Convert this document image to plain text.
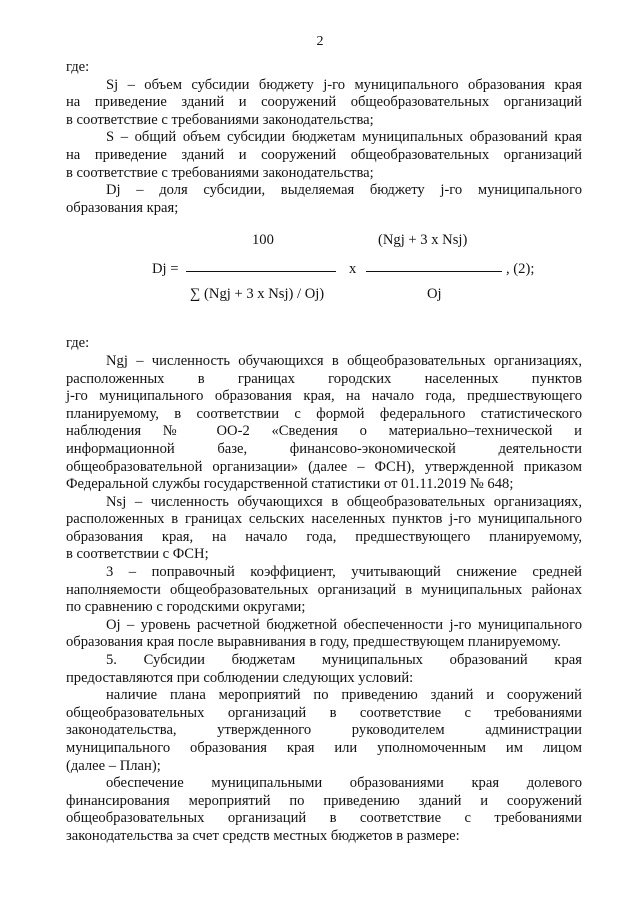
2

где:

Sj – объем субсидии бюджету j-го муниципального образования края

на приведение зданий и сооружений общеобразовательных организаций

в соответствие с требованиями законодательства;

S – общий объем субсидии бюджетам муниципальных образований края

на приведение зданий и сооружений общеобразовательных организаций

в соответствие с требованиями законодательства;

Dj – доля субсидии, выделяемая бюджету j-го муниципального

образования края;

100
Dj =
∑ (Ngj + 3 x Nsj) / Oj)
x
(Ngj + 3 x Nsj)
Oj
, (2);

где:

Ngj – численность обучающихся в общеобразовательных организациях,

расположенных в границах городских населенных пунктов

j-го муниципального образования края, на начало года, предшествующего

планируемому, в соответствии с формой федерального статистического

наблюдения № ОО-2 «Сведения о материально–технической и

информационной базе, финансово-экономической деятельности

общеобразовательной организации» (далее – ФСН), утвержденной приказом

Федеральной службы государственной статистики от 01.11.2019 № 648;

Nsj – численность обучающихся в общеобразовательных организациях,

расположенных в границах сельских населенных пунктов j-го муниципального

образования края, на начало года, предшествующего планируемому,

в соответствии с ФСН;

3 – поправочный коэффициент, учитывающий снижение средней

наполняемости общеобразовательных организаций в муниципальных районах

по сравнению с городскими округами;

Oj – уровень расчетной бюджетной обеспеченности j-го муниципального

образования края после выравнивания в году, предшествующем планируемому.

5. Субсидии бюджетам муниципальных образований края

предоставляются при соблюдении следующих условий:

наличие плана мероприятий по приведению зданий и сооружений

общеобразовательных организаций в соответствие с требованиями

законодательства, утвержденного руководителем администрации

муниципального образования края или уполномоченным им лицом

(далее – План);

обеспечение муниципальными образованиями края долевого

финансирования мероприятий по приведению зданий и сооружений

общеобразовательных организаций в соответствие с требованиями

законодательства за счет средств местных бюджетов в размере:
